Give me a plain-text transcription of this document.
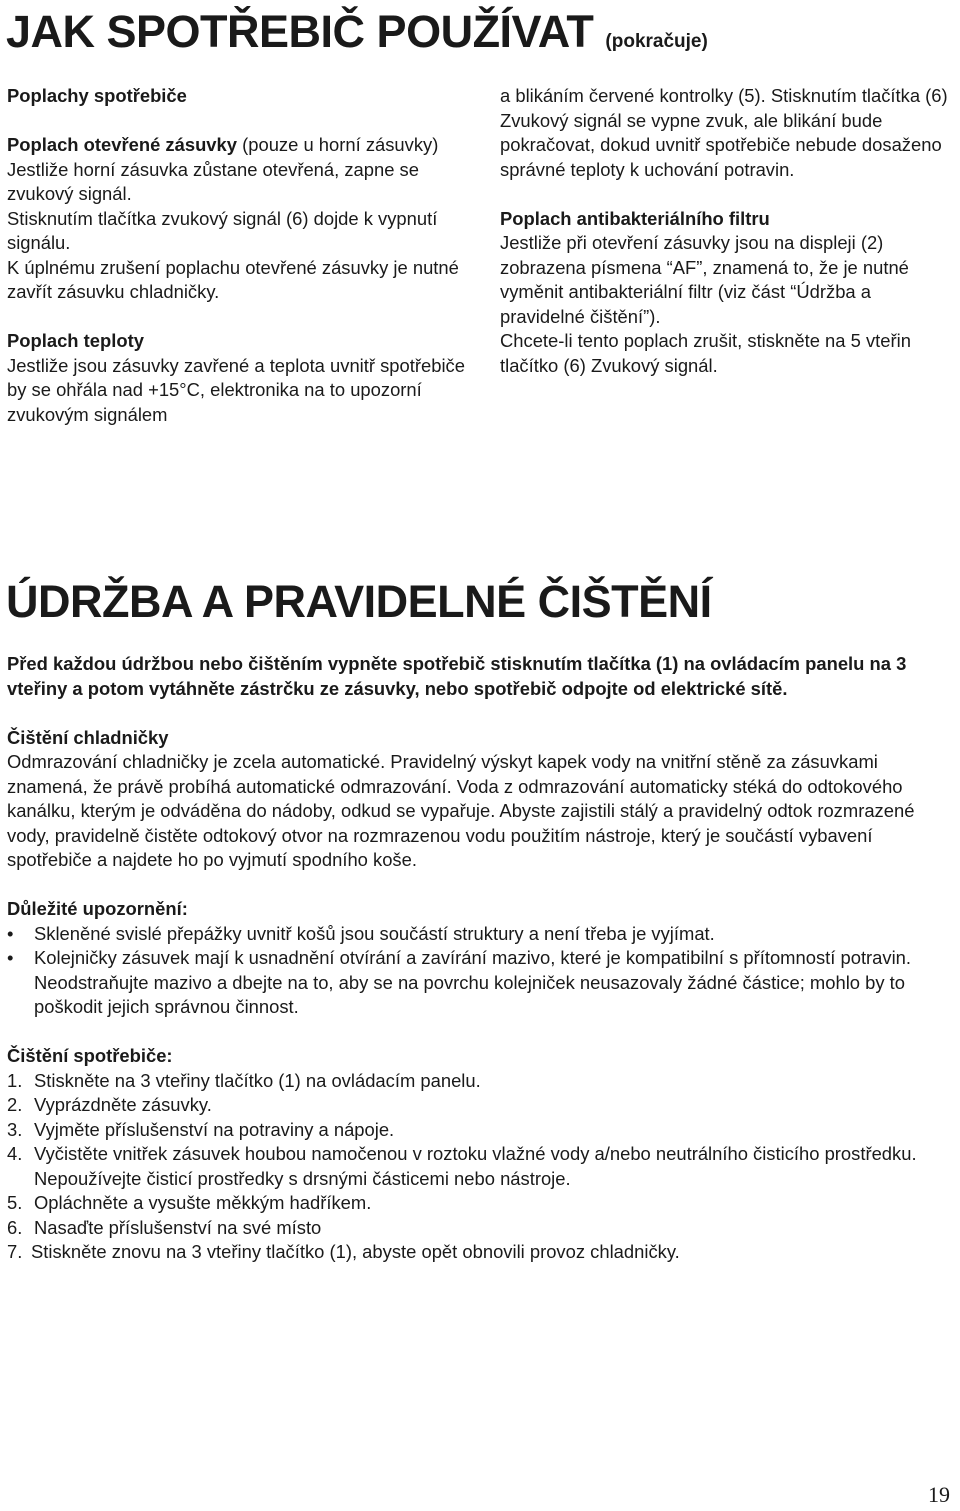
JAK SPOTŘEBIČ POUŽÍVAT (pokračuje)

Poplachy spotřebiče

Poplach otevřené zásuvky (pouze u horní zásuvky)

Jestliže horní zásuvka zůstane otevřená, zapne se zvukový signál.

Stisknutím tlačítka zvukový signál (6) dojde k vypnutí signálu.

K úplnému zrušení poplachu otevřené zásuvky je nutné zavřít zásuvku chladničky.

Poplach teploty

Jestliže jsou zásuvky zavřené a teplota uvnitř spotřebiče by se ohřála nad +15°C, elektronika na to upozorní zvukovým signálem

a blikáním červené kontrolky (5). Stisknutím tlačítka (6) Zvukový signál se vypne zvuk, ale blikání bude pokračovat, dokud uvnitř spotřebiče nebude dosaženo správné teploty k uchování potravin.

Poplach antibakteriálního filtru

Jestliže při otevření zásuvky jsou na displeji (2) zobrazena písmena “AF”, znamená to, že je nutné vyměnit antibakteriální filtr (viz část “Údržba a pravidelné čištění”).

Chcete-li tento poplach zrušit, stiskněte na 5 vteřin tlačítko (6) Zvukový signál.

ÚDRŽBA A PRAVIDELNÉ ČIŠTĚNÍ

Před každou údržbou nebo čištěním vypněte spotřebič stisknutím tlačítka (1) na ovládacím panelu na 3 vteřiny a potom vytáhněte zástrčku ze zásuvky, nebo spotřebič odpojte od elektrické sítě.

Čištění chladničky

Odmrazování chladničky je zcela automatické. Pravidelný výskyt kapek vody na vnitřní stěně za zásuvkami znamená, že právě probíhá automatické odmrazování. Voda z odmrazování automaticky stéká do odtokového kanálku, kterým je odváděna do nádoby, odkud se vypařuje. Abyste zajistili stálý a pravidelný odtok rozmrazené vody, pravidelně čistěte odtokový otvor na rozmrazenou vodu použitím nástroje, který je součástí vybavení spotřebiče a najdete ho po vyjmutí spodního koše.

Důležité upozornění:

•	Skleněné svislé přepážky uvnitř košů jsou součástí struktury a není třeba je vyjímat.
•	Kolejničky zásuvek mají k usnadnění otvírání a zavírání mazivo, které je kompatibilní s přítomností potravin. Neodstraňujte mazivo a dbejte na to, aby se na povrchu kolejniček neusazovaly žádné částice; mohlo by to poškodit jejich správnou činnost.

Čištění spotřebiče:

1. Stiskněte na 3 vteřiny tlačítko (1) na ovládacím panelu.
2. Vyprázdněte zásuvky.
3. Vyjměte příslušenství na potraviny a nápoje.
4. Vyčistěte vnitřek zásuvek houbou namočenou v roztoku vlažné vody a/nebo neutrálního čisticího prostředku. Nepoužívejte čisticí prostředky s drsnými částicemi nebo nástroje.
5. Opláchněte a vysušte měkkým hadříkem.
6. Nasaďte příslušenství na své místo
7. Stiskněte znovu na 3 vteřiny tlačítko (1), abyste opět obnovili provoz chladničky.
19
